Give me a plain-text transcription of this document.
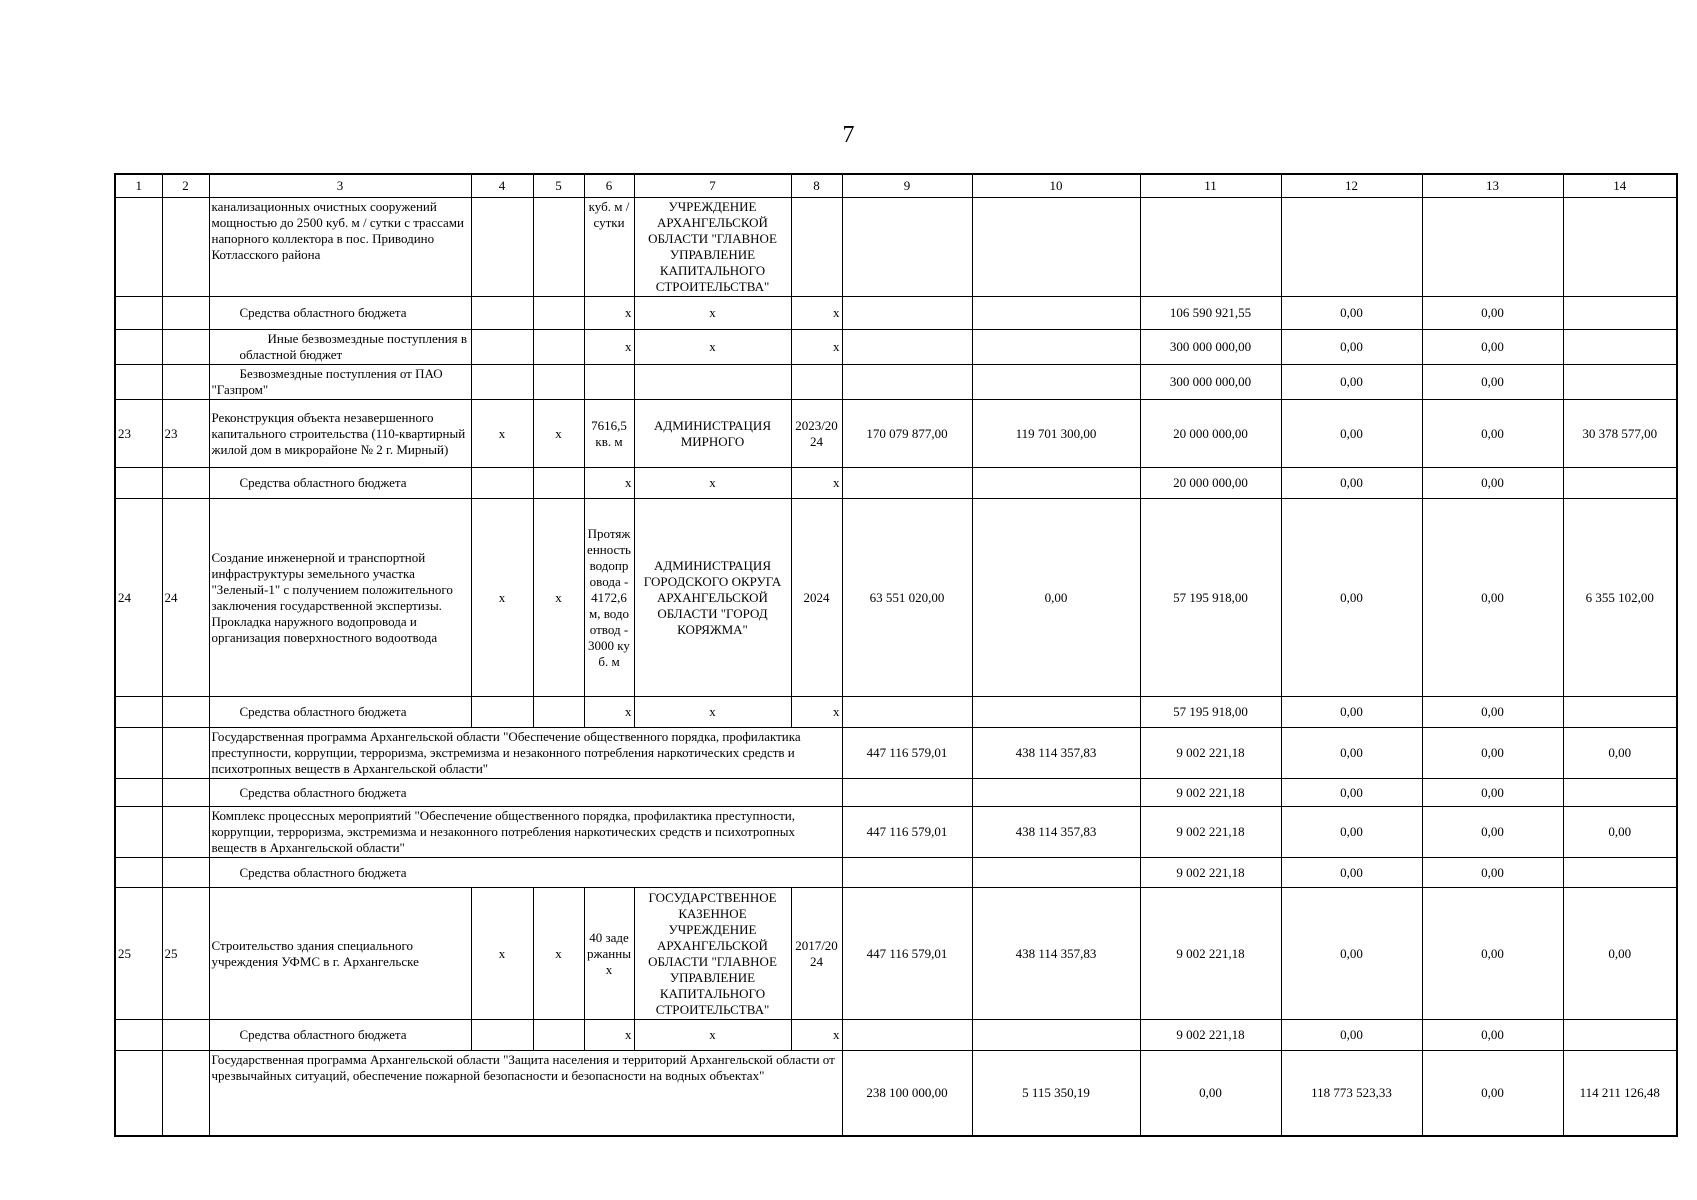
7
1	2	3	4	5	6	7	8	9	10	11	12	13	14
		канализационных очистных сооружений мощностью до 2500 куб. м / сутки с трассами напорного коллектора в пос. Приводино Котласского района			куб. м / сутки	УЧРЕЖДЕНИЕ АРХАНГЕЛЬСКОЙ ОБЛАСТИ "ГЛАВНОЕ УПРАВЛЕНИЕ КАПИТАЛЬНОГО СТРОИТЕЛЬСТВА"							
		Средства областного бюджета			х	х	х			106 590 921,55	0,00	0,00	
		Иные безвозмездные поступления в областной бюджет			х	х	х			300 000 000,00	0,00	0,00	
		Безвозмездные поступления от ПАО "Газпром"								300 000 000,00	0,00	0,00	
23	23	Реконструкция объекта незавершенного капитального строительства (110-квартирный жилой дом в микрорайоне № 2 г. Мирный)	х	х	7616,5 кв. м	АДМИНИСТРАЦИЯ МИРНОГО	2023/2024	170 079 877,00	119 701 300,00	20 000 000,00	0,00	0,00	30 378 577,00
		Средства областного бюджета			х	х	х			20 000 000,00	0,00	0,00	
24	24	Создание инженерной и транспортной инфраструктуры земельного участка "Зеленый-1" с получением положительного заключения государственной экспертизы. Прокладка наружного водопровода и организация поверхностного водоотвода	х	х	Протяженность водопровода - 4172,6 м, водоотвод - 3000 куб. м	АДМИНИСТРАЦИЯ ГОРОДСКОГО ОКРУГА АРХАНГЕЛЬСКОЙ ОБЛАСТИ "ГОРОД КОРЯЖМА"	2024	63 551 020,00	0,00	57 195 918,00	0,00	0,00	6 355 102,00
		Средства областного бюджета			х	х	х			57 195 918,00	0,00	0,00	
		Государственная программа Архангельской области "Обеспечение общественного порядка, профилактика преступности, коррупции, терроризма, экстремизма и незаконного потребления наркотических средств и психотропных веществ в Архангельской области"						447 116 579,01	438 114 357,83	9 002 221,18	0,00	0,00	0,00
		Средства областного бюджета								9 002 221,18	0,00	0,00	
		Комплекс процессных мероприятий "Обеспечение общественного порядка, профилактика преступности, коррупции, терроризма, экстремизма и незаконного потребления наркотических средств и психотропных веществ в Архангельской области"						447 116 579,01	438 114 357,83	9 002 221,18	0,00	0,00	0,00
		Средства областного бюджета								9 002 221,18	0,00	0,00	
25	25	Строительство здания специального учреждения УФМС в г. Архангельске	х	х	40 задержанных	ГОСУДАРСТВЕННОЕ КАЗЕННОЕ УЧРЕЖДЕНИЕ АРХАНГЕЛЬСКОЙ ОБЛАСТИ "ГЛАВНОЕ УПРАВЛЕНИЕ КАПИТАЛЬНОГО СТРОИТЕЛЬСТВА"	2017/2024	447 116 579,01	438 114 357,83	9 002 221,18	0,00	0,00	0,00
		Средства областного бюджета			х	х	х			9 002 221,18	0,00	0,00	
		Государственная программа Архангельской области "Защита населения и территорий Архангельской области от чрезвычайных ситуаций, обеспечение пожарной безопасности и безопасности на водных объектах"						238 100 000,00	5 115 350,19	0,00	118 773 523,33	0,00	114 211 126,48
